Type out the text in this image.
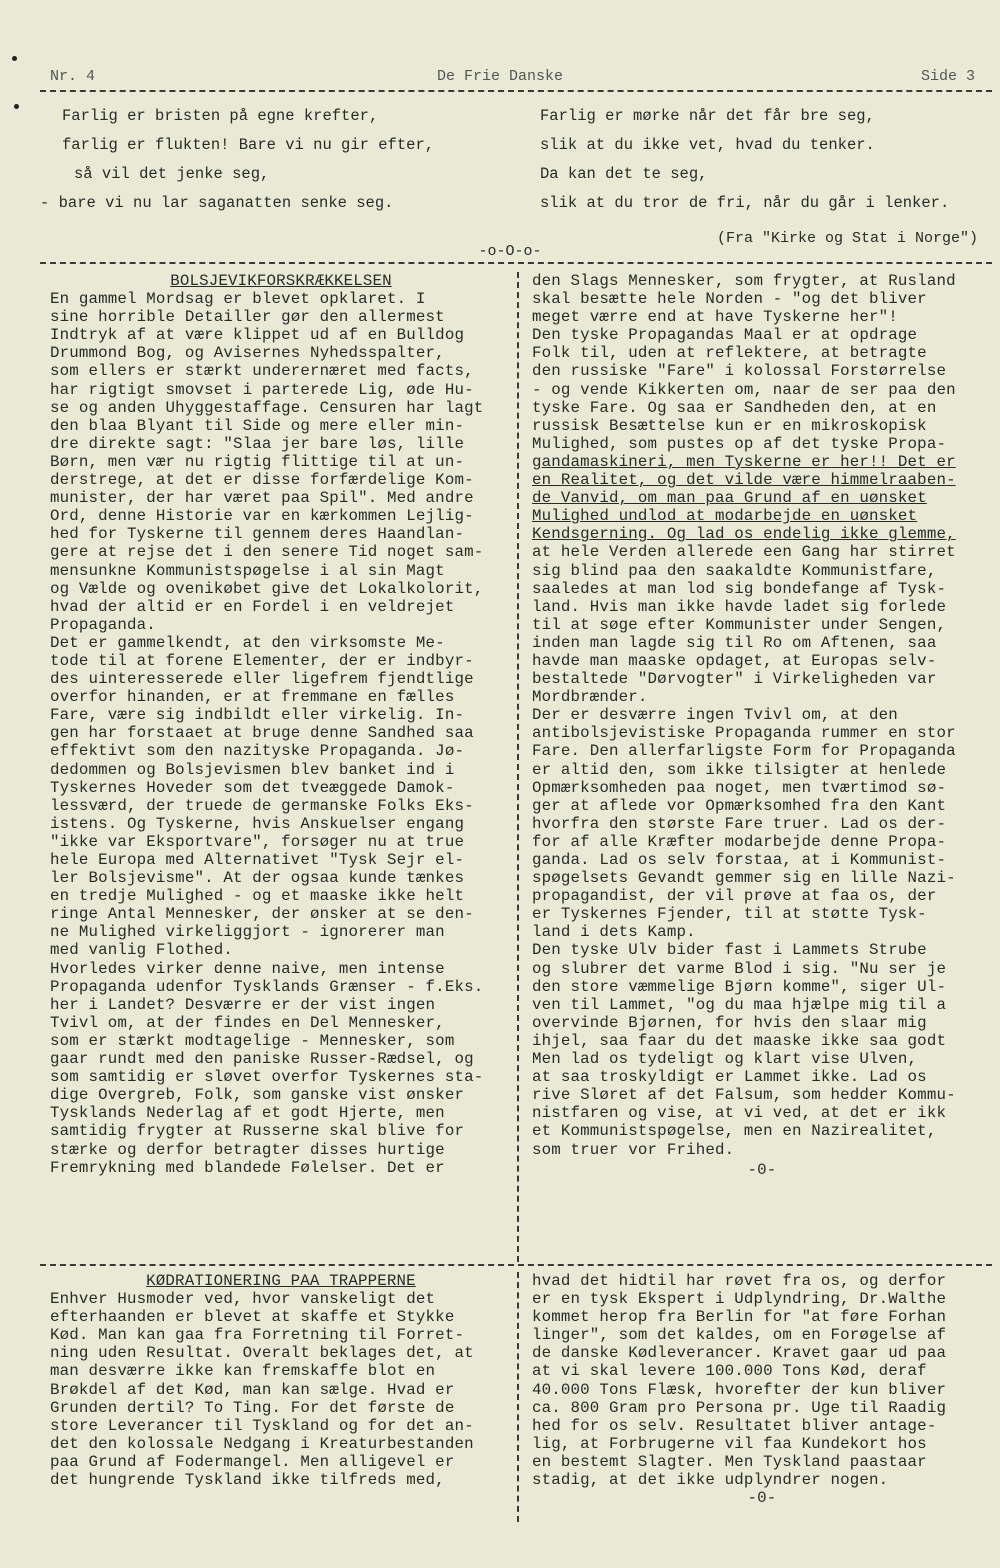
Nr. 4	De Frie Danske	Side 3
Farlig er bristen på egne krefter,
farlig er flukten! Bare vi nu gir efter,
så vil det jenke seg,
- bare vi nu lar saganatten senke seg.
Farlig er mørke når det får bre seg,
slik at du ikke vet, hvad du tenker.
Da kan det te seg,
slik at du tror de fri, når du går i lenker.
(Fra "Kirke og Stat i Norge")
-o-O-o-
BOLSJEVIKFORSKRÆKKELSEN
En gammel Mordsag er blevet opklaret. I
sine horrible Detailler gør den allermest
Indtryk af at være klippet ud af en Bulldog
Drummond Bog, og Avisernes Nyhedsspalter,
som ellers er stærkt underernæret med facts,
har rigtigt smovset i parterede Lig, øde Hu-
se og anden Uhyggestaffage. Censuren har lagt
den blaa Blyant til Side og mere eller min-
dre direkte sagt: "Slaa jer bare løs, lille
Børn, men vær nu rigtig flittige til at un-
derstrege, at det er disse forfærdelige Kom-
munister, der har været paa Spil". Med andre
Ord, denne Historie var en kærkommen Lejlig-
hed for Tyskerne til gennem deres Haandlan-
gere at rejse det i den senere Tid noget sam-
mensunkne Kommunistspøgelse i al sin Magt
og Vælde og ovenikøbet give det Lokalkolorit,
hvad der altid er en Fordel i en veldrejet
Propaganda.
Det er gammelkendt, at den virksomste Me-
tode til at forene Elementer, der er indbyr-
des uinteresserede eller ligefrem fjendtlige
overfor hinanden, er at fremmane en fælles
Fare, være sig indbildt eller virkelig. In-
gen har forstaaet at bruge denne Sandhed saa
effektivt som den nazityske Propaganda. Jø-
dedommen og Bolsjevismen blev banket ind i
Tyskernes Hoveder som det tveæggede Damok-
lessværd, der truede de germanske Folks Eks-
istens. Og Tyskerne, hvis Anskuelser engang
"ikke var Eksportvare", forsøger nu at true
hele Europa med Alternativet "Tysk Sejr el-
ler Bolsjevisme". At der ogsaa kunde tænkes
en tredje Mulighed - og et maaske ikke helt
ringe Antal Mennesker, der ønsker at se den-
ne Mulighed virkeliggjort - ignorerer man
med vanlig Flothed.
Hvorledes virker denne naive, men intense
Propaganda udenfor Tysklands Grænser - f.Eks.
her i Landet? Desværre er der vist ingen
Tvivl om, at der findes en Del Mennesker,
som er stærkt modtagelige - Mennesker, som
gaar rundt med den paniske Russer-Rædsel, og
som samtidig er sløvet overfor Tyskernes sta-
dige Overgreb, Folk, som ganske vist ønsker
Tysklands Nederlag af et godt Hjerte, men
samtidig frygter at Russerne skal blive for
stærke og derfor betragter disses hurtige
Fremrykning med blandede Følelser. Det er
den Slags Mennesker, som frygter, at Rusland
skal besætte hele Norden - "og det bliver
meget værre end at have Tyskerne her"!
Den tyske Propagandas Maal er at opdrage
Folk til, uden at reflektere, at betragte
den russiske "Fare" i kolossal Forstørrelse
- og vende Kikkerten om, naar de ser paa den
tyske Fare. Og saa er Sandheden den, at en
russisk Besættelse kun er en mikroskopisk
Mulighed, som pustes op af det tyske Propa-
gandamaskineri, men Tyskerne er her!! Det er
en Realitet, og det vilde være himmelraaben-
de Vanvid, om man paa Grund af en uønsket
Mulighed undlod at modarbejde en uønsket
Kendsgerning. Og lad os endelig ikke glemme,
at hele Verden allerede een Gang har stirret
sig blind paa den saakaldte Kommunistfare,
saaledes at man lod sig bondefange af Tysk-
land. Hvis man ikke havde ladet sig forlede
til at søge efter Kommunister under Sengen,
inden man lagde sig til Ro om Aftenen, saa
havde man maaske opdaget, at Europas selv-
bestaltede "Dørvogter" i Virkeligheden var
Mordbrænder.
Der er desværre ingen Tvivl om, at den
antibolsjevistiske Propaganda rummer en stor
Fare. Den allerfarligste Form for Propaganda
er altid den, som ikke tilsigter at henlede
Opmærksomheden paa noget, men tværtimod sø-
ger at aflede vor Opmærksomhed fra den Kant
hvorfra den største Fare truer. Lad os der-
for af alle Kræfter modarbejde denne Propa-
ganda. Lad os selv forstaa, at i Kommunist-
spøgelsets Gevandt gemmer sig en lille Nazi-
propagandist, der vil prøve at faa os, der
er Tyskernes Fjender, til at støtte Tysk-
land i dets Kamp.
Den tyske Ulv bider fast i Lammets Strube
og slubrer det varme Blod i sig. "Nu ser je
den store væmmelige Bjørn komme", siger Ul-
ven til Lammet, "og du maa hjælpe mig til a
overvinde Bjørnen, for hvis den slaar mig
ihjel, saa faar du det maaske ikke saa godt
Men lad os tydeligt og klart vise Ulven,
at saa troskyldigt er Lammet ikke. Lad os
rive Sløret af det Falsum, som hedder Kommu-
nistfaren og vise, at vi ved, at det er ikk
et Kommunistspøgelse, men en Nazirealitet,
som truer vor Frihed.
-0-
KØDRATIONERING PAA TRAPPERNE
Enhver Husmoder ved, hvor vanskeligt det
efterhaanden er blevet at skaffe et Stykke
Kød. Man kan gaa fra Forretning til Forret-
ning uden Resultat. Overalt beklages det, at
man desværre ikke kan fremskaffe blot en
Brøkdel af det Kød, man kan sælge. Hvad er
Grunden dertil? To Ting. For det første de
store Leverancer til Tyskland og for det an-
det den kolossale Nedgang i Kreaturbestanden
paa Grund af Fodermangel. Men alligevel er
det hungrende Tyskland ikke tilfreds med,
hvad det hidtil har røvet fra os, og derfor
er en tysk Ekspert i Udplyndring, Dr.Walthe
kommet herop fra Berlin for "at føre Forhan
linger", som det kaldes, om en Forøgelse af
de danske Kødleverancer. Kravet gaar ud paa
at vi skal levere 100.000 Tons Kød, deraf
40.000 Tons Flæsk, hvorefter der kun bliver
ca. 800 Gram pro Persona pr. Uge til Raadig
hed for os selv. Resultatet bliver antage-
lig, at Forbrugerne vil faa Kundekort hos
en bestemt Slagter. Men Tyskland paastaar
stadig, at det ikke udplyndrer nogen.
-0-
